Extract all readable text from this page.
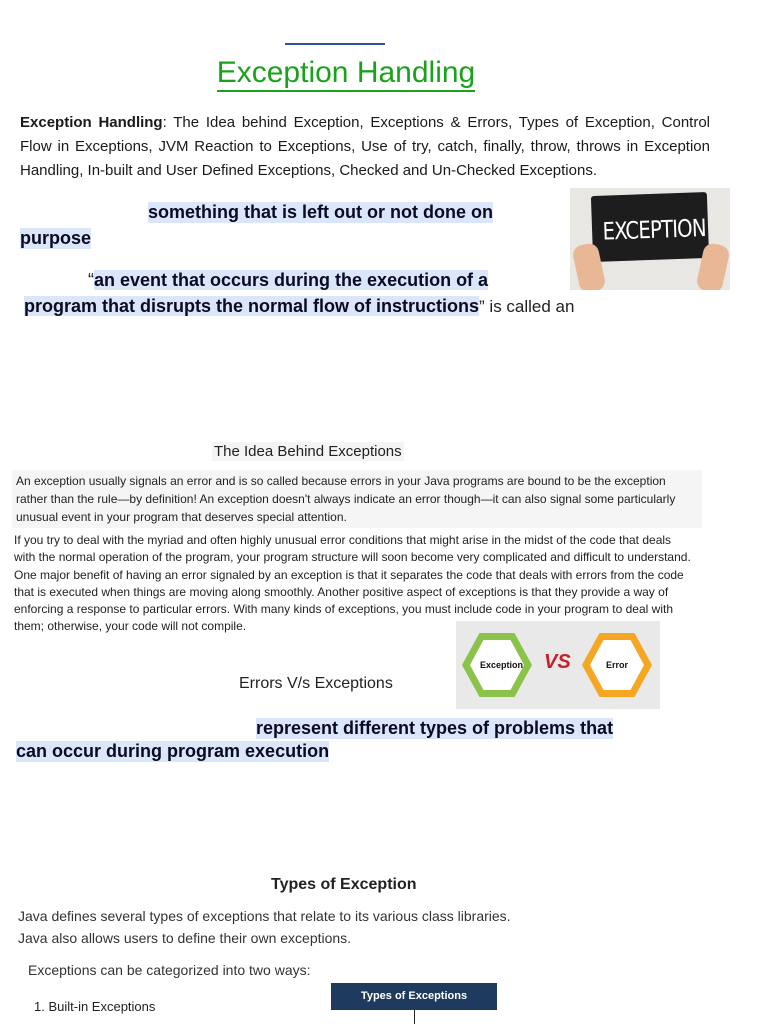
Exception Handling
Exception Handling: The Idea behind Exception, Exceptions & Errors, Types of Exception, Control Flow in Exceptions, JVM Reaction to Exceptions, Use of try, catch, finally, throw, throws in Exception Handling, In-built and User Defined Exceptions, Checked and Un-Checked Exceptions.
something that is left out or not done on
purpose
“an event that occurs during the execution of a
program that disrupts the normal flow of instructions” is called an
EXCEPTION
The Idea Behind Exceptions
An exception usually signals an error and is so called because errors in your Java programs are bound to be the exception rather than the rule—by definition! An exception doesn't always indicate an error though—it can also signal some particularly unusual event in your program that deserves special attention.
If you try to deal with the myriad and often highly unusual error conditions that might arise in the midst of the code that deals with the normal operation of the program, your program structure will soon become very complicated and difficult to understand. One major benefit of having an error signaled by an exception is that it separates the code that deals with errors from the code that is executed when things are moving along smoothly. Another positive aspect of exceptions is that they provide a way of enforcing a response to particular errors. With many kinds of exceptions, you must include code in your program to deal with them; otherwise, your code will not compile.
Exception VS	Error
Errors V/s Exceptions
represent different types of problems that
can occur during program execution
Types of Exception
Java defines several types of exceptions that relate to its various class libraries.
Java also allows users to define their own exceptions.
Exceptions can be categorized into two ways:
1. Built-in Exceptions
Types of Exceptions
